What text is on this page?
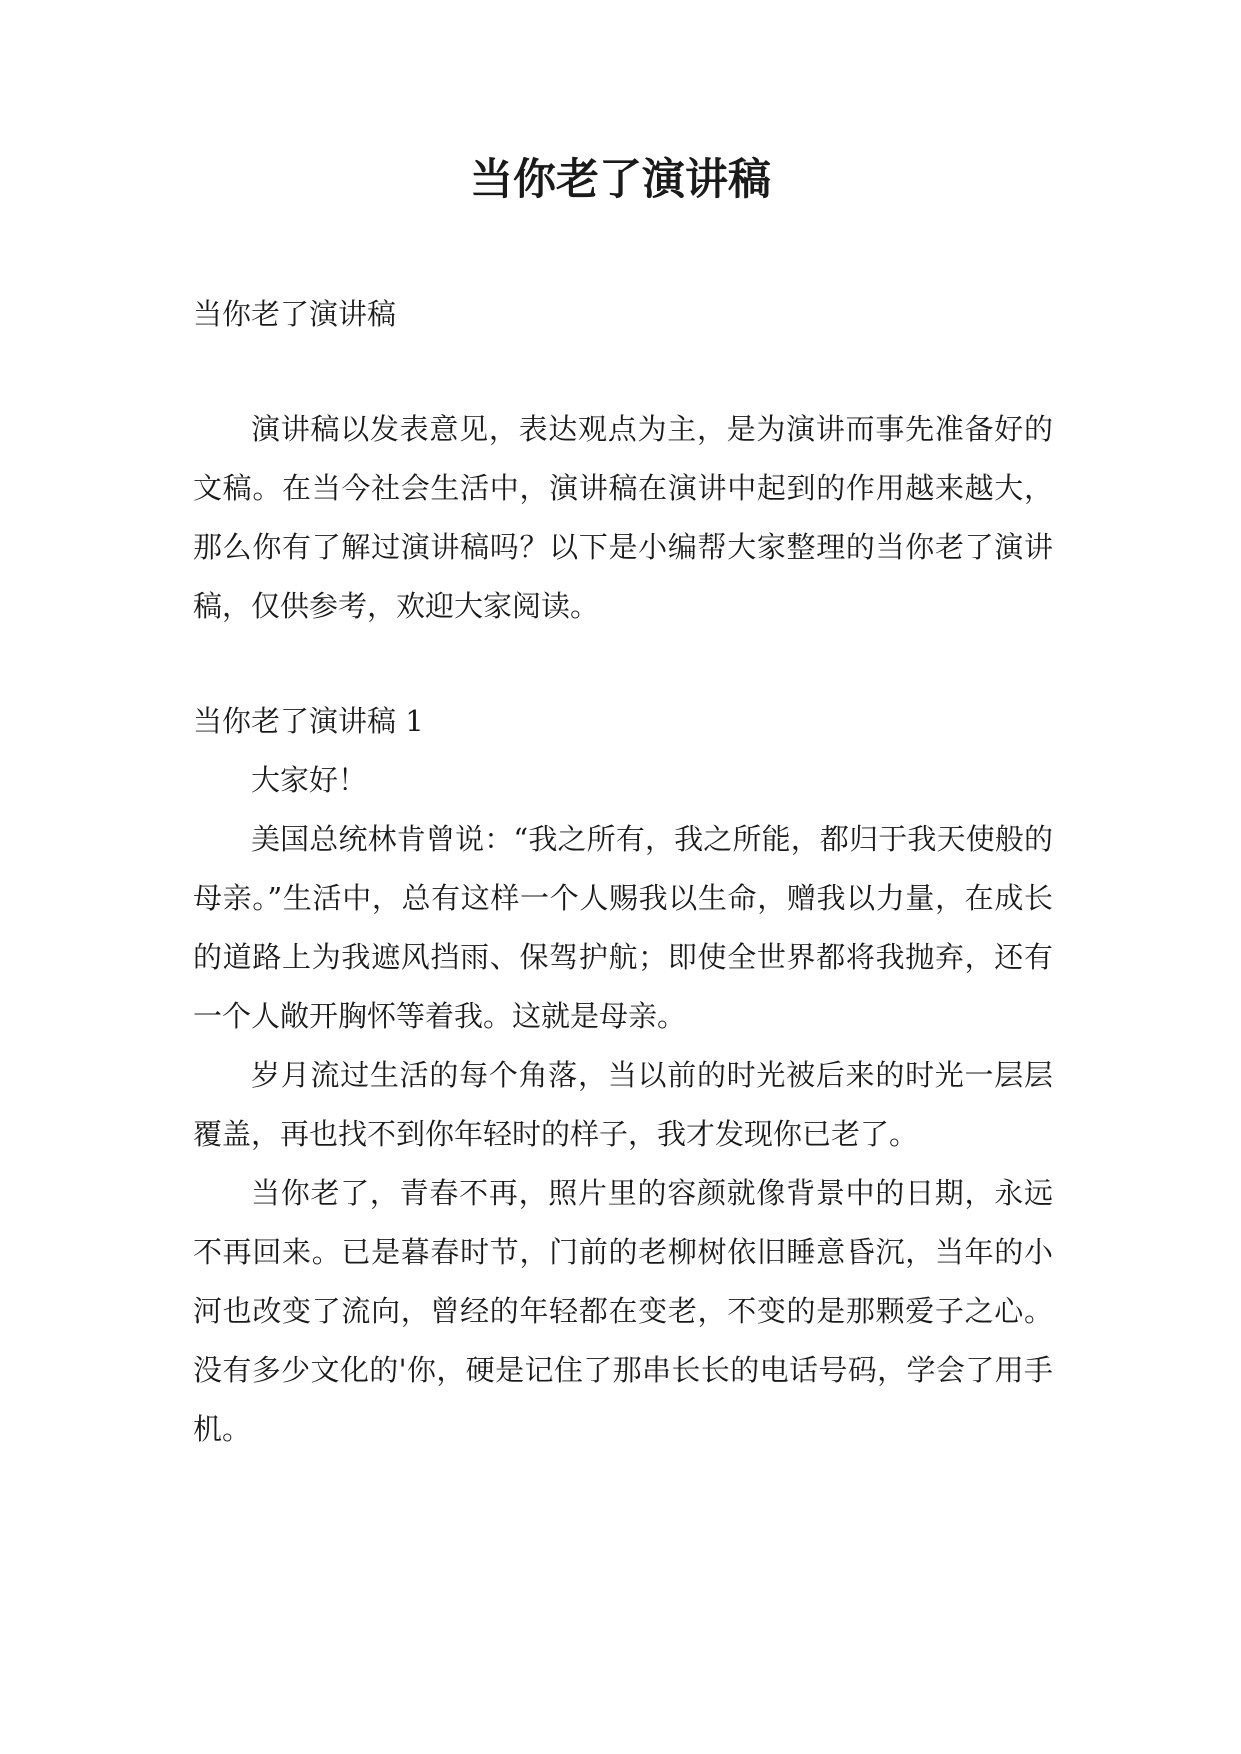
当你老了演讲稿

当你老了演讲稿

演讲稿以发表意见，表达观点为主，是为演讲而事先准备好的文稿。在当今社会生活中，演讲稿在演讲中起到的作用越来越大，那么你有了解过演讲稿吗？以下是小编帮大家整理的当你老了演讲稿，仅供参考，欢迎大家阅读。

当你老了演讲稿 1

大家好！

美国总统林肯曾说：“我之所有，我之所能，都归于我天使般的母亲。”生活中，总有这样一个人赐我以生命，赠我以力量，在成长的道路上为我遮风挡雨、保驾护航；即使全世界都将我抛弃，还有一个人敞开胸怀等着我。这就是母亲。

岁月流过生活的每个角落，当以前的时光被后来的时光一层层覆盖，再也找不到你年轻时的样子，我才发现你已老了。

当你老了，青春不再，照片里的容颜就像背景中的日期，永远不再回来。已是暮春时节，门前的老柳树依旧睡意昏沉，当年的小河也改变了流向，曾经的年轻都在变老，不变的是那颗爱子之心。没有多少文化的'你，硬是记住了那串长长的电话号码，学会了用手机。
